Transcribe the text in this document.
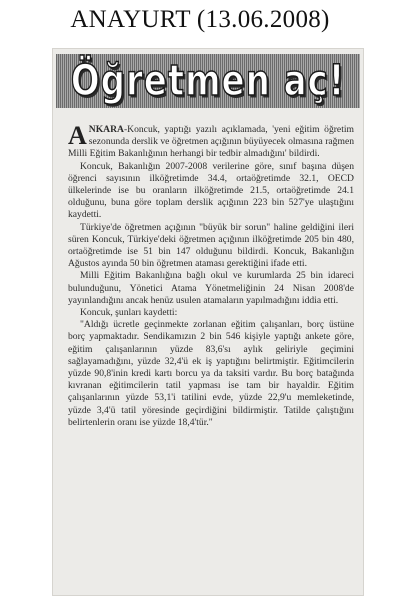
ANAYURT (13.06.2008)
Öğretmen aç!

ANKARA-Koncuk, yaptığı yazılı açıklamada, 'yeni eğitim öğretim sezonunda derslik ve öğretmen açığının büyüyecek olmasına rağmen Milli Eğitim Bakanlığının herhangi bir tedbir almadığını' bildirdi.

Koncuk, Bakanlığın 2007-2008 verilerine göre, sınıf başına düşen öğrenci sayısının ilköğretimde 34.4, ortaöğretimde 32.1, OECD ülkelerinde ise bu oranların ilköğretimde 21.5, ortaöğretimde 24.1 olduğunu, buna göre toplam derslik açığının 223 bin 527'ye ulaştığını kaydetti.

Türkiye'de öğretmen açığının "büyük bir sorun" haline geldiğini ileri süren Koncuk, Türkiye'deki öğretmen açığının ilköğretimde 205 bin 480, ortaöğretimde ise 51 bin 147 olduğunu bildirdi. Koncuk, Bakanlığın Ağustos ayında 50 bin öğretmen ataması gerektiğini ifade etti.

Milli Eğitim Bakanlığına bağlı okul ve kurumlarda 25 bin idareci bulunduğunu, Yönetici Atama Yönetmeliğinin 24 Nisan 2008'de yayınlandığını ancak henüz usulen atamaların yapılmadığını iddia etti.

Koncuk, şunları kaydetti:

"Aldığı ücretle geçinmekte zorlanan eğitim çalışanları, borç üstüne borç yapmaktadır. Sendikamızın 2 bin 546 kişiyle yaptığı ankete göre, eğitim çalışanlarının yüzde 83,6'sı aylık geliriyle geçimini sağlayamadığını, yüzde 32,4'ü ek iş yaptığını belirtmiştir. Eğitimcilerin yüzde 90,8'inin kredi kartı borcu ya da taksiti vardır. Bu borç batağında kıvranan eğitimcilerin tatil yapması ise tam bir hayaldir. Eğitim çalışanlarının yüzde 53,1'i tatilini evde, yüzde 22,9'u memleketinde, yüzde 3,4'ü tatil yöresinde geçirdiğini bildirmiştir. Tatilde çalıştığını belirtenlerin oranı ise yüzde 18,4'tür."
